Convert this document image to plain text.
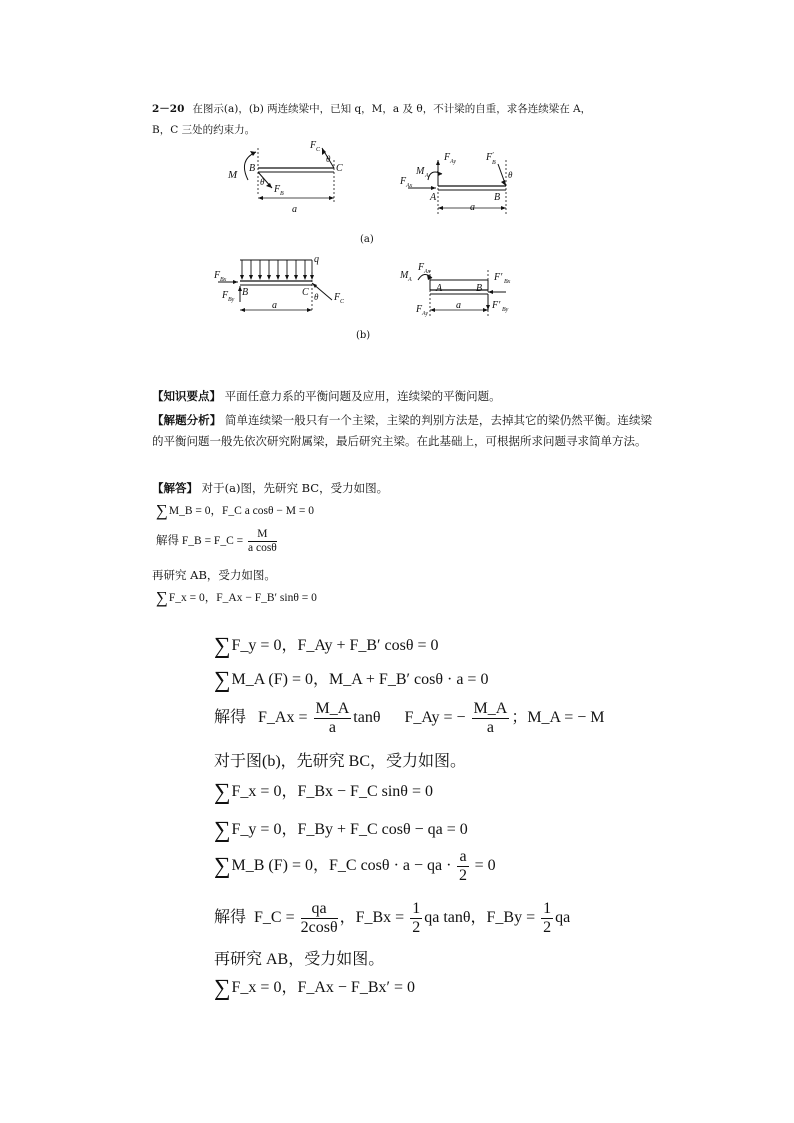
2－20 在图示(a)，(b) 两连续梁中，已知 q，M，a 及 θ，不计梁的自重，求各连续梁在 A，B，C 三处的约束力。
M
B	C
F C
F B
θ
θ
a
F Ax
M A
F Ay	F ′
B
A	B
θ
a
(a)
q
F Bx
F By
B	C	F C
θ
a
M A
F Ax
F Ay
F′ Bx
F′ By
A	B
a
(b)
【知识要点】 平面任意力系的平衡问题及应用，连续梁的平衡问题。
【解题分析】 简单连续梁一般只有一个主梁，主梁的判别方法是，去掉其它的梁仍然平衡。连续梁的平衡问题一般先依次研究附属梁，最后研究主梁。在此基础上，可根据所求问题寻求简单方法。
【解答】 对于(a)图，先研究 BC，受力如图。
∑M_B = 0，F_C a cosθ − M = 0
解得 F_B = F_C = $\frac{M}{\text{a cosθ}}$
再研究 AB，受力如图。
∑F_x = 0，F_Ax − F_B′ sinθ = 0
∑F_y = 0，F_Ay + F_B′ cosθ = 0
∑M_A (F) = 0，M_A + F_B′ cosθ · a = 0
解得 F_Ax = $\frac{M\_A}{a}$ tanθ F_Ay = − $\frac{M\_A}{a}$ ；M_A = − M
对于图(b)，先研究 BC，受力如图。
∑F_x = 0，F_Bx − F_C sinθ = 0
∑F_y = 0，F_By + F_C cosθ − qa = 0
∑M_B (F) = 0，F_C cosθ · a − qa · $\frac{a}{2} = 0$
解得 F_C = $\frac{qa}{2\cos\theta}$ ，F_Bx = $\frac{1}{2}$ qa tanθ，F_By = $\frac{1}{2}$ qa
再研究 AB，受力如图。
∑F_x = 0，F_Ax − F_Bx′ = 0
